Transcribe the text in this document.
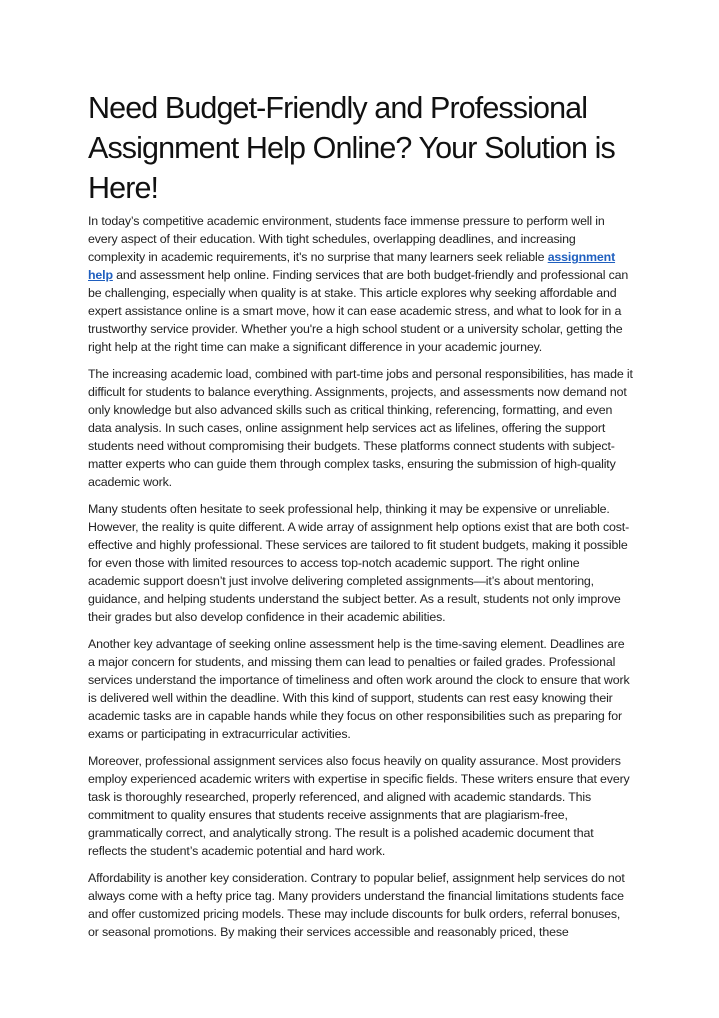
Need Budget-Friendly and Professional Assignment Help Online? Your Solution is Here!

In today’s competitive academic environment, students face immense pressure to perform well in every aspect of their education. With tight schedules, overlapping deadlines, and increasing complexity in academic requirements, it's no surprise that many learners seek reliable assignment help and assessment help online. Finding services that are both budget-friendly and professional can be challenging, especially when quality is at stake. This article explores why seeking affordable and expert assistance online is a smart move, how it can ease academic stress, and what to look for in a trustworthy service provider. Whether you're a high school student or a university scholar, getting the right help at the right time can make a significant difference in your academic journey.

The increasing academic load, combined with part-time jobs and personal responsibilities, has made it difficult for students to balance everything. Assignments, projects, and assessments now demand not only knowledge but also advanced skills such as critical thinking, referencing, formatting, and even data analysis. In such cases, online assignment help services act as lifelines, offering the support students need without compromising their budgets. These platforms connect students with subject-matter experts who can guide them through complex tasks, ensuring the submission of high-quality academic work.

Many students often hesitate to seek professional help, thinking it may be expensive or unreliable. However, the reality is quite different. A wide array of assignment help options exist that are both cost-effective and highly professional. These services are tailored to fit student budgets, making it possible for even those with limited resources to access top-notch academic support. The right online academic support doesn’t just involve delivering completed assignments—it’s about mentoring, guidance, and helping students understand the subject better. As a result, students not only improve their grades but also develop confidence in their academic abilities.

Another key advantage of seeking online assessment help is the time-saving element. Deadlines are a major concern for students, and missing them can lead to penalties or failed grades. Professional services understand the importance of timeliness and often work around the clock to ensure that work is delivered well within the deadline. With this kind of support, students can rest easy knowing their academic tasks are in capable hands while they focus on other responsibilities such as preparing for exams or participating in extracurricular activities.

Moreover, professional assignment services also focus heavily on quality assurance. Most providers employ experienced academic writers with expertise in specific fields. These writers ensure that every task is thoroughly researched, properly referenced, and aligned with academic standards. This commitment to quality ensures that students receive assignments that are plagiarism-free, grammatically correct, and analytically strong. The result is a polished academic document that reflects the student’s academic potential and hard work.

Affordability is another key consideration. Contrary to popular belief, assignment help services do not always come with a hefty price tag. Many providers understand the financial limitations students face and offer customized pricing models. These may include discounts for bulk orders, referral bonuses, or seasonal promotions. By making their services accessible and reasonably priced, these
